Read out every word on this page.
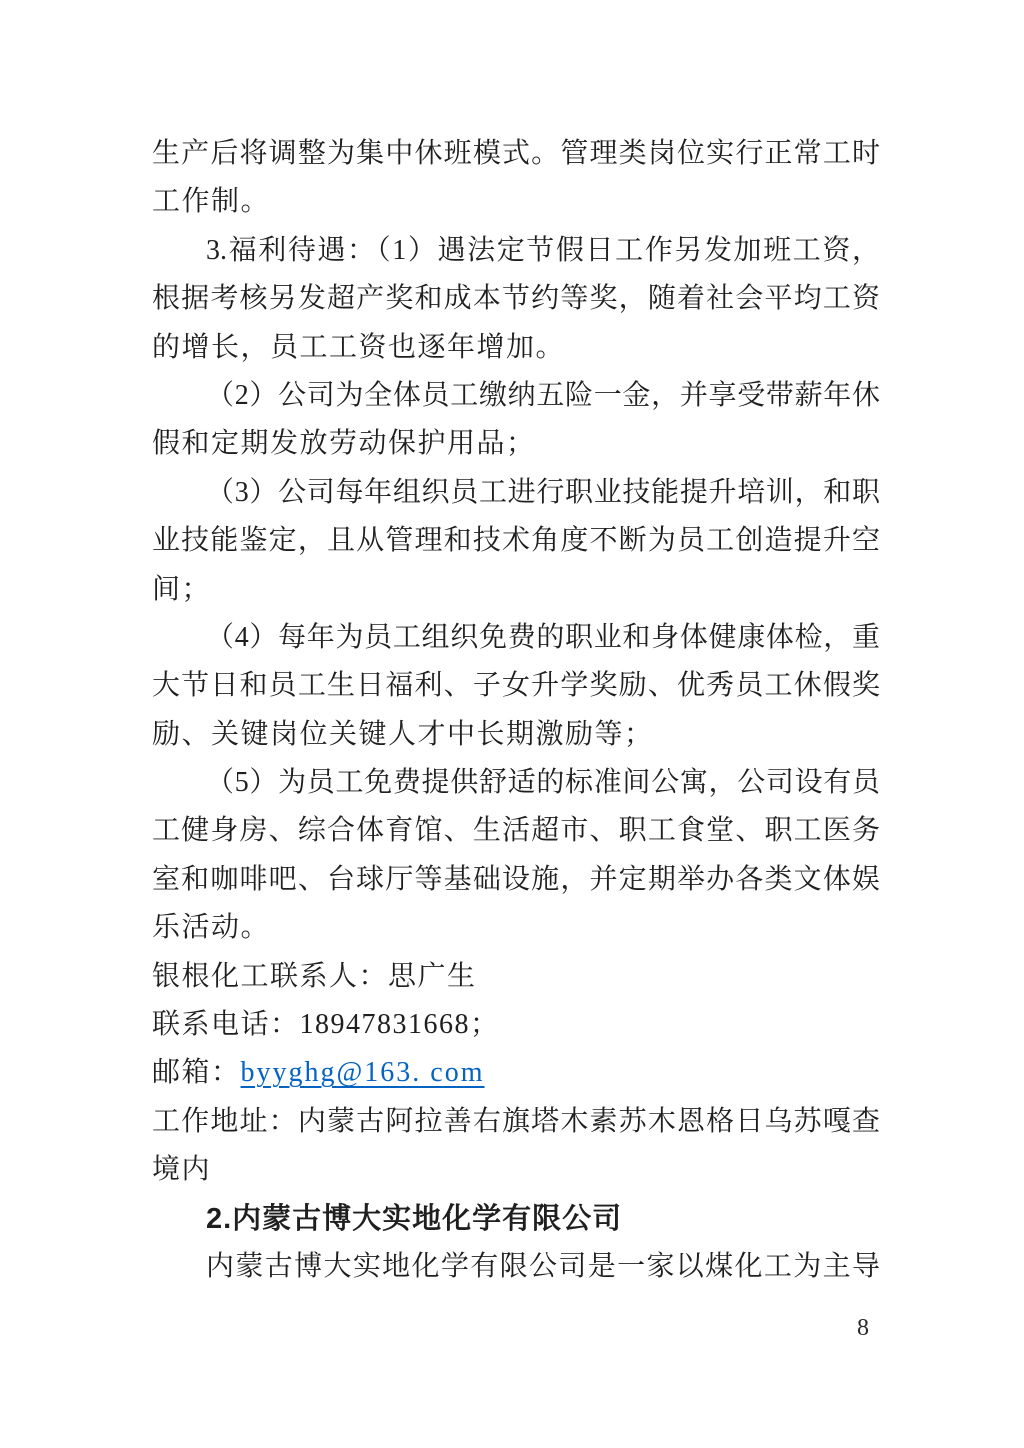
生产后将调整为集中休班模式。管理类岗位实行正常工时
工作制。
3.福利待遇：（1）遇法定节假日工作另发加班工资，
根据考核另发超产奖和成本节约等奖，随着社会平均工资
的增长，员工工资也逐年增加。
（2）公司为全体员工缴纳五险一金，并享受带薪年休
假和定期发放劳动保护用品；
（3）公司每年组织员工进行职业技能提升培训，和职
业技能鉴定，且从管理和技术角度不断为员工创造提升空
间；
（4）每年为员工组织免费的职业和身体健康体检，重
大节日和员工生日福利、子女升学奖励、优秀员工休假奖
励、关键岗位关键人才中长期激励等；
（5）为员工免费提供舒适的标准间公寓，公司设有员
工健身房、综合体育馆、生活超市、职工食堂、职工医务
室和咖啡吧、台球厅等基础设施，并定期举办各类文体娱
乐活动。
银根化工联系人：思广生
联系电话：18947831668；
邮箱：byyghg@163. com
工作地址：内蒙古阿拉善右旗塔木素苏木恩格日乌苏嘎查
境内
2.内蒙古博大实地化学有限公司
内蒙古博大实地化学有限公司是一家以煤化工为主导
8
